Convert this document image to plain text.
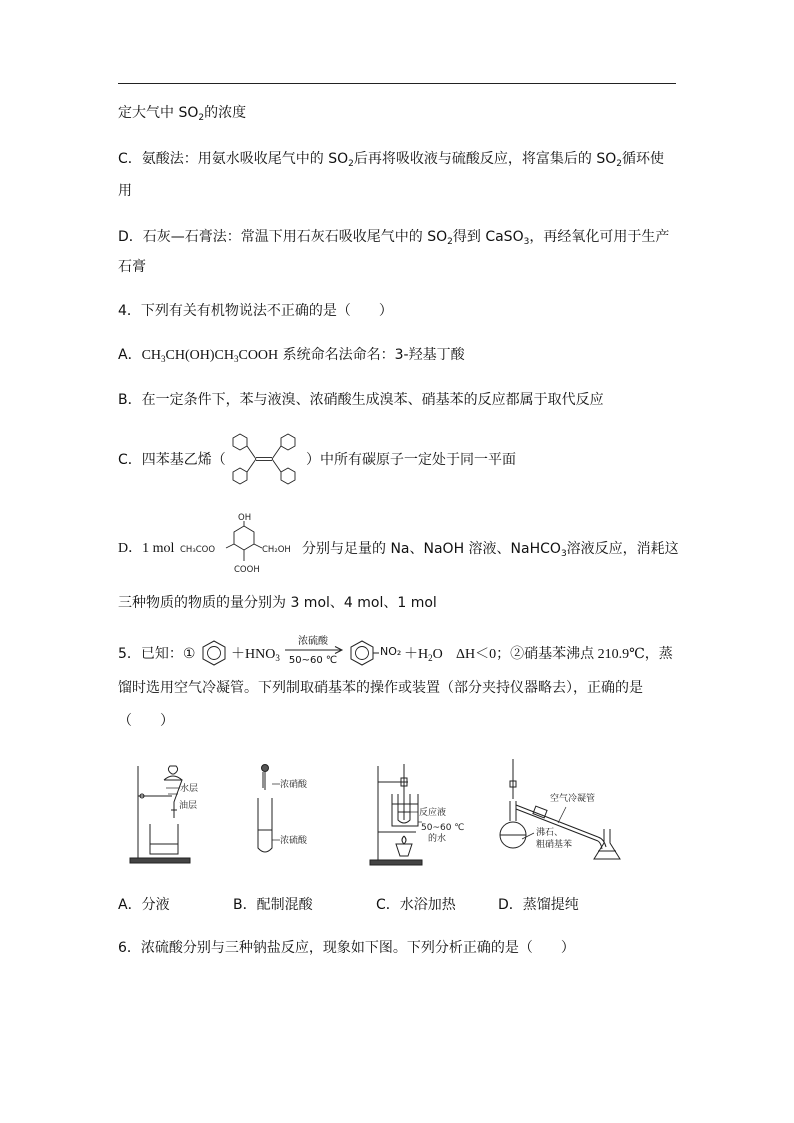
定大气中 $SO_2$的浓度
C．氨酸法：用氨水吸收尾气中的 $SO_2$后再将吸收液与硫酸反应，将富集后的 $SO_2$循环使
用
D．石灰—石膏法：常温下用石灰石吸收尾气中的 $SO_2$得到 CaSO$_3$，再经氧化可用于生产
石膏
4．下列有关有机物说法不正确的是（　　）
A．$CH_3CH(OH)CH_3COOH$ 系统命名法命名：3-羟基丁酸
B．在一定条件下，苯与液溴、浓硝酸生成溴苯、硝基苯的反应都属于取代反应
C．四苯基乙烯（	）中所有碳原子一定处于同一平面
D．1 mol
OH
CH₃COO	CH₂OH
COOH
分别与足量的 Na、NaOH 溶液、NaHCO$_3$溶液反应，消耗这
三种物质的物质的量分别为 3 mol、4 mol、1 mol
5．已知：①	$+HNO_3$
浓硫酸
50~60 ℃
$NO_2 +H_2O$ ΔH＜0；②硝基苯沸点 210.9℃，蒸
馏时选用空气冷凝管。下列制取硝基苯的操作或装置（部分夹持仪器略去），正确的是
（　　）
水层
油层
浓硝酸
浓硫酸
反应液
50~60 ℃
的水
空气冷凝管
沸石、
粗硝基苯
A．分液	B．配制混酸	C．水浴加热	D．蒸馏提纯
6．浓硫酸分别与三种钠盐反应，现象如下图。下列分析正确的是（　　）
